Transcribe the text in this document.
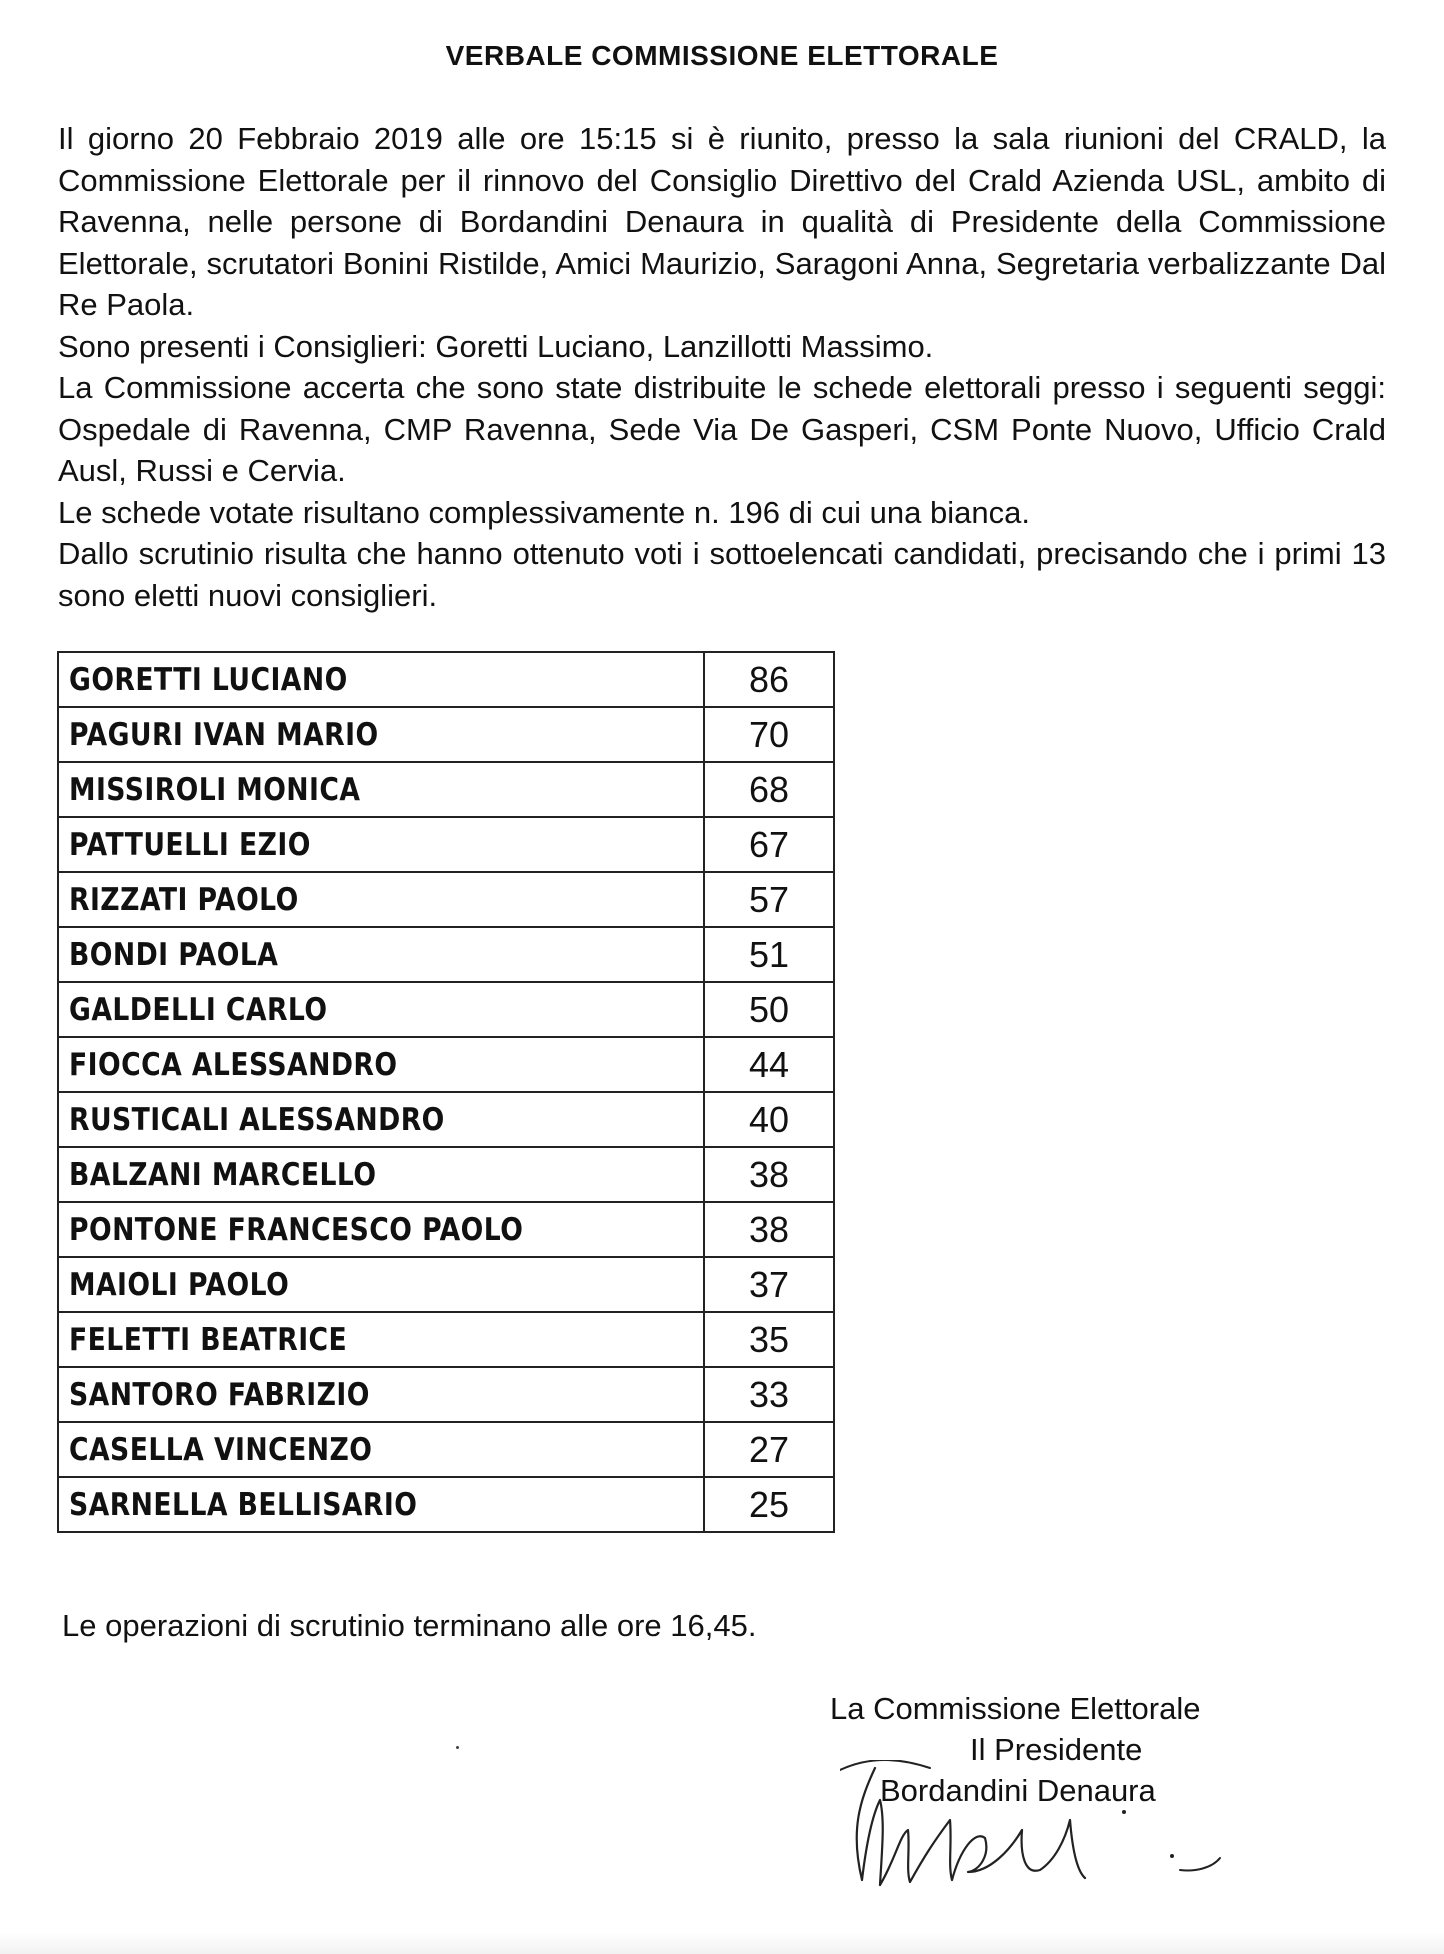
VERBALE COMMISSIONE ELETTORALE

Il giorno 20 Febbraio 2019 alle ore 15:15 si è riunito, presso la sala riunioni del CRALD, la Commissione Elettorale per il rinnovo del Consiglio Direttivo del Crald Azienda USL, ambito di Ravenna, nelle persone di Bordandini Denaura in qualità di Presidente della Commissione Elettorale, scrutatori Bonini Ristilde, Amici Maurizio, Saragoni Anna, Segretaria verbalizzante Dal Re Paola.

Sono presenti i Consiglieri: Goretti Luciano, Lanzillotti Massimo.

La Commissione accerta che sono state distribuite le schede elettorali presso i seguenti seggi: Ospedale di Ravenna, CMP Ravenna, Sede Via De Gasperi, CSM Ponte Nuovo, Ufficio Crald Ausl, Russi e Cervia.

Le schede votate risultano complessivamente n. 196 di cui una bianca.

Dallo scrutinio risulta che hanno ottenuto voti i sottoelencati candidati, precisando che i primi 13 sono eletti nuovi consiglieri.

GORETTI LUCIANO	86
PAGURI IVAN MARIO	70
MISSIROLI MONICA	68
PATTUELLI EZIO	67
RIZZATI PAOLO	57
BONDI PAOLA	51
GALDELLI CARLO	50
FIOCCA ALESSANDRO	44
RUSTICALI ALESSANDRO	40
BALZANI MARCELLO	38
PONTONE FRANCESCO PAOLO	38
MAIOLI PAOLO	37
FELETTI BEATRICE	35
SANTORO FABRIZIO	33
CASELLA VINCENZO	27
SARNELLA BELLISARIO	25
Le operazioni di scrutinio terminano alle ore 16,45.
La Commissione Elettorale
Il Presidente
Bordandini Denaura
